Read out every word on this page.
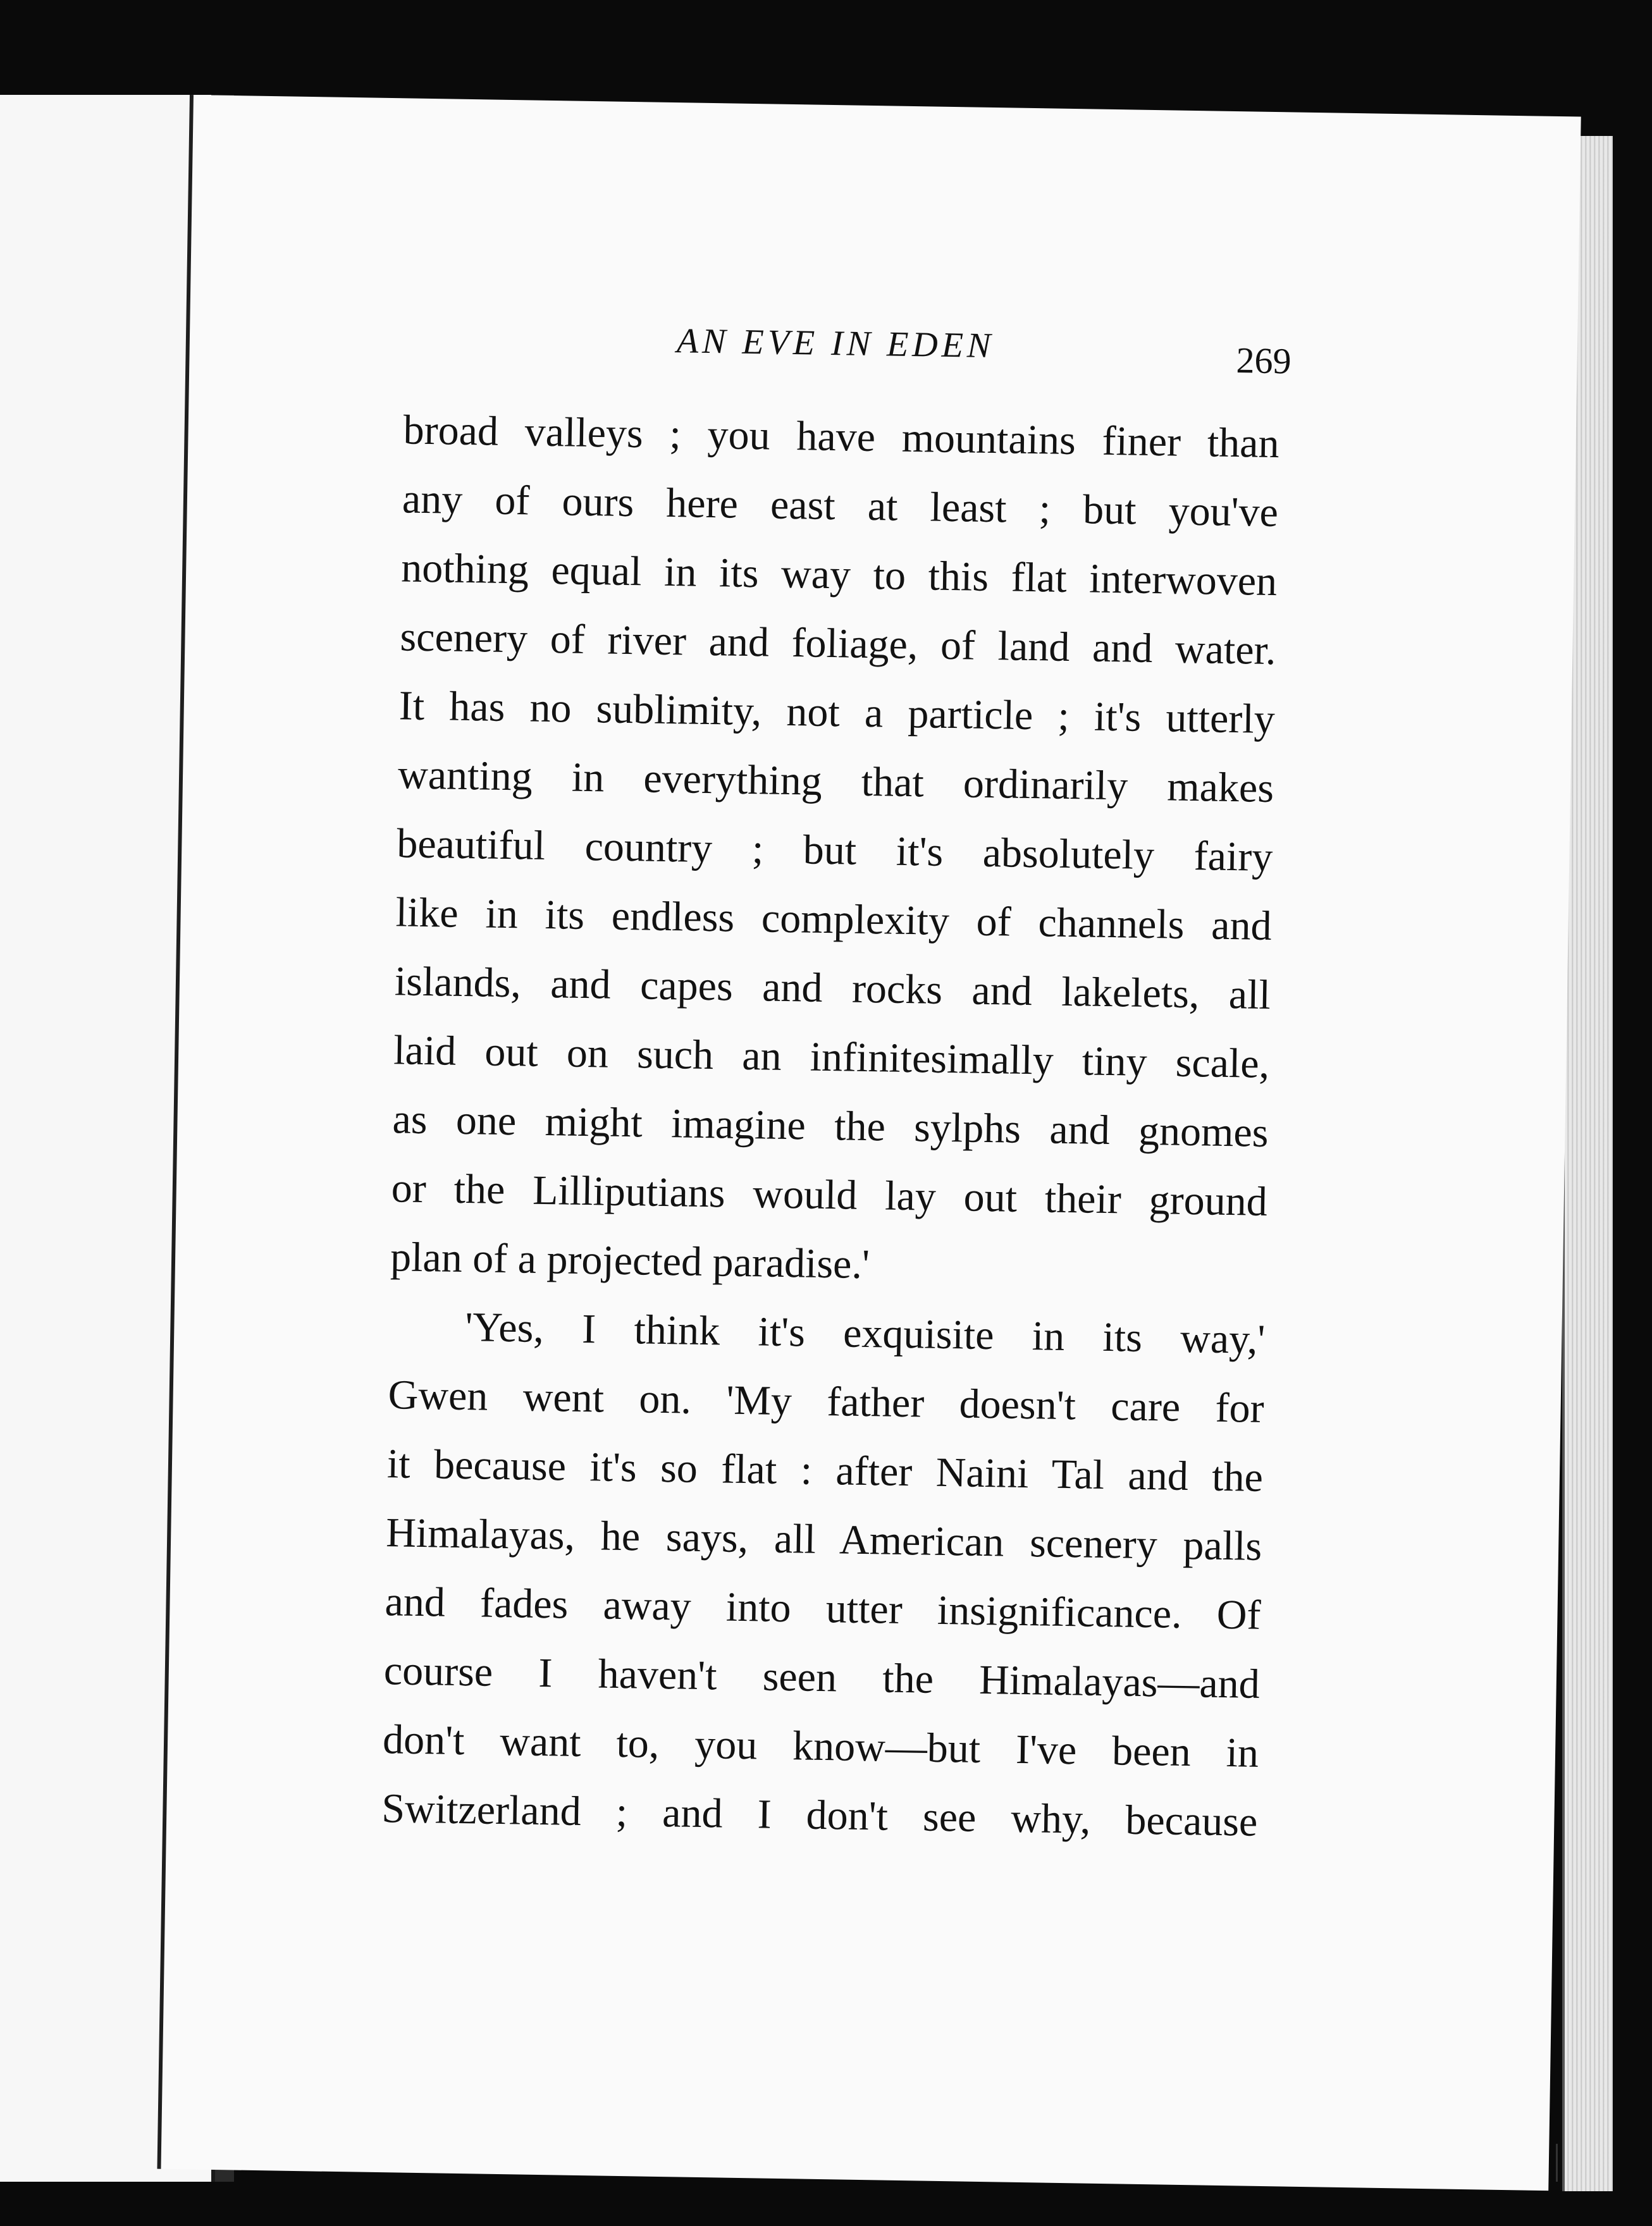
AN EVE IN EDEN	269
broad valleys ; you have mountains finer than
any of ours here east at least ; but you've
nothing equal in its way to this flat interwoven
scenery of river and foliage, of land and water.
It has no sublimity, not a particle ; it's utterly
wanting in everything that ordinarily makes
beautiful country ; but it's absolutely fairy
like in its endless complexity of channels and
islands, and capes and rocks and lakelets, all
laid out on such an infinitesimally tiny scale,
as one might imagine the sylphs and gnomes
or the Lilliputians would lay out their ground
plan of a projected paradise.'
'Yes, I think it's exquisite in its way,'
Gwen went on. 'My father doesn't care for
it because it's so flat : after Naini Tal and the
Himalayas, he says, all American scenery palls
and fades away into utter insignificance. Of
course I haven't seen the Himalayas—and
don't want to, you know—but I've been in
Switzerland ; and I don't see why, because
